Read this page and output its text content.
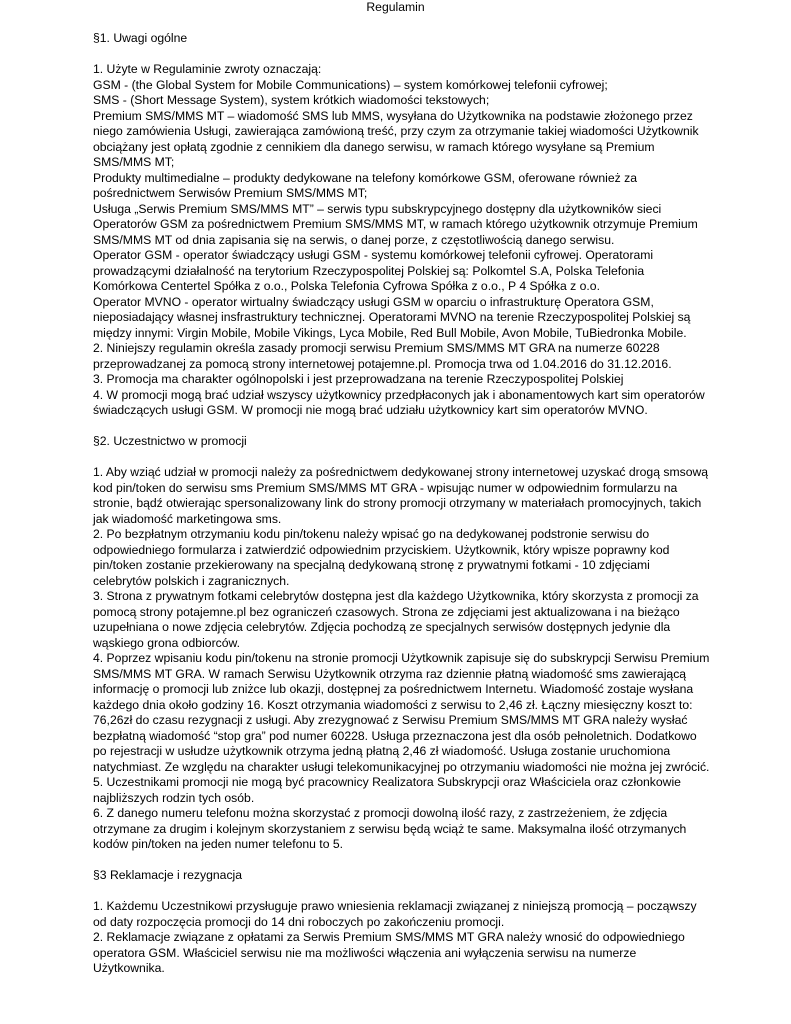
Regulamin

§1. Uwagi ogólne

1. Użyte w Regulaminie zwroty oznaczają:

GSM - (the Global System for Mobile Communications) – system komórkowej telefonii cyfrowej;

SMS - (Short Message System), system krótkich wiadomości tekstowych;

Premium SMS/MMS MT – wiadomość SMS lub MMS, wysyłana do Użytkownika na podstawie złożonego przez niego zamówienia Usługi, zawierająca zamówioną treść, przy czym za otrzymanie takiej wiadomości Użytkownik obciążany jest opłatą zgodnie z cennikiem dla danego serwisu, w ramach którego wysyłane są Premium SMS/MMS MT;

Produkty multimedialne – produkty dedykowane na telefony komórkowe GSM, oferowane również za pośrednictwem Serwisów Premium SMS/MMS MT;

Usługa „Serwis Premium SMS/MMS MT” – serwis typu subskrypcyjnego dostępny dla użytkowników sieci Operatorów GSM za pośrednictwem Premium SMS/MMS MT, w ramach którego użytkownik otrzymuje Premium SMS/MMS MT od dnia zapisania się na serwis, o danej porze, z częstotliwością danego serwisu.

Operator GSM - operator świadczący usługi GSM - systemu komórkowej telefonii cyfrowej. Operatorami prowadzącymi działalność na terytorium Rzeczypospolitej Polskiej są: Polkomtel S.A, Polska Telefonia Komórkowa Centertel Spółka z o.o., Polska Telefonia Cyfrowa Spółka z o.o., P 4 Spółka z o.o.

Operator MVNO - operator wirtualny świadczący usługi GSM w oparciu o infrastrukturę Operatora GSM, nieposiadający własnej insfrastruktury technicznej. Operatorami MVNO na terenie Rzeczypospolitej Polskiej są między innymi: Virgin Mobile, Mobile Vikings, Lyca Mobile, Red Bull Mobile, Avon Mobile, TuBiedronka Mobile.

2. Niniejszy regulamin określa zasady promocji serwisu Premium SMS/MMS MT GRA na numerze 60228 przeprowadzanej za pomocą strony internetowej potajemne.pl. Promocja trwa od 1.04.2016 do 31.12.2016.

3. Promocja ma charakter ogólnopolski i jest przeprowadzana na terenie Rzeczypospolitej Polskiej

4. W promocji mogą brać udział wszyscy użytkownicy przedpłaconych jak i abonamentowych kart sim operatorów świadczących usługi GSM. W promocji nie mogą brać udziału użytkownicy kart sim operatorów MVNO.

§2. Uczestnictwo w promocji

1. Aby wziąć udział w promocji należy za pośrednictwem dedykowanej strony internetowej uzyskać drogą smsową kod pin/token do serwisu sms Premium SMS/MMS MT GRA - wpisując numer w odpowiednim formularzu na stronie, bądź otwierając spersonalizowany link do strony promocji otrzymany w materiałach promocyjnych, takich jak wiadomość marketingowa sms.

2. Po bezpłatnym otrzymaniu kodu pin/tokenu należy wpisać go na dedykowanej podstronie serwisu do odpowiedniego formularza i zatwierdzić odpowiednim przyciskiem. Użytkownik, który wpisze poprawny kod pin/token zostanie przekierowany na specjalną dedykowaną stronę z prywatnymi fotkami - 10 zdjęciami celebrytów polskich i zagranicznych.

3. Strona z prywatnym fotkami celebrytów dostępna jest dla każdego Użytkownika, który skorzysta z promocji za pomocą strony potajemne.pl bez ograniczeń czasowych. Strona ze zdjęciami jest aktualizowana i na bieżąco uzupełniana o nowe zdjęcia celebrytów. Zdjęcia pochodzą ze specjalnych serwisów dostępnych jedynie dla wąskiego grona odbiorców.

4. Poprzez wpisaniu kodu pin/tokenu na stronie promocji Użytkownik zapisuje się do subskrypcji Serwisu Premium SMS/MMS MT GRA. W ramach Serwisu Użytkownik otrzyma raz dziennie płatną wiadomość sms zawierającą informację o promocji lub zniżce lub okazji, dostępnej za pośrednictwem Internetu. Wiadomość zostaje wysłana każdego dnia około godziny 16. Koszt otrzymania wiadomości z serwisu to 2,46 zł. Łączny miesięczny koszt to: 76,26zł do czasu rezygnacji z usługi. Aby zrezygnować z Serwisu Premium SMS/MMS MT GRA należy wysłać bezpłatną wiadomość “stop gra” pod numer 60228. Usługa przeznaczona jest dla osób pełnoletnich. Dodatkowo po rejestracji w usłudze użytkownik otrzyma jedną płatną 2,46 zł wiadomość. Usługa zostanie uruchomiona natychmiast. Ze względu na charakter usługi telekomunikacyjnej po otrzymaniu wiadomości nie można jej zwrócić.

5. Uczestnikami promocji nie mogą być pracownicy Realizatora Subskrypcji oraz Właściciela oraz członkowie najbliższych rodzin tych osób.

6. Z danego numeru telefonu można skorzystać z promocji dowolną ilość razy, z zastrzeżeniem, że zdjęcia otrzymane za drugim i kolejnym skorzystaniem z serwisu będą wciąż te same. Maksymalna ilość otrzymanych kodów pin/token na jeden numer telefonu to 5.

§3 Reklamacje i rezygnacja

1. Każdemu Uczestnikowi przysługuje prawo wniesienia reklamacji związanej z niniejszą promocją – począwszy od daty rozpoczęcia promocji do 14 dni roboczych po zakończeniu promocji.

2. Reklamacje związane z opłatami za Serwis Premium SMS/MMS MT GRA należy wnosić do odpowiedniego operatora GSM. Właściciel serwisu nie ma możliwości włączenia ani wyłączenia serwisu na numerze Użytkownika.
